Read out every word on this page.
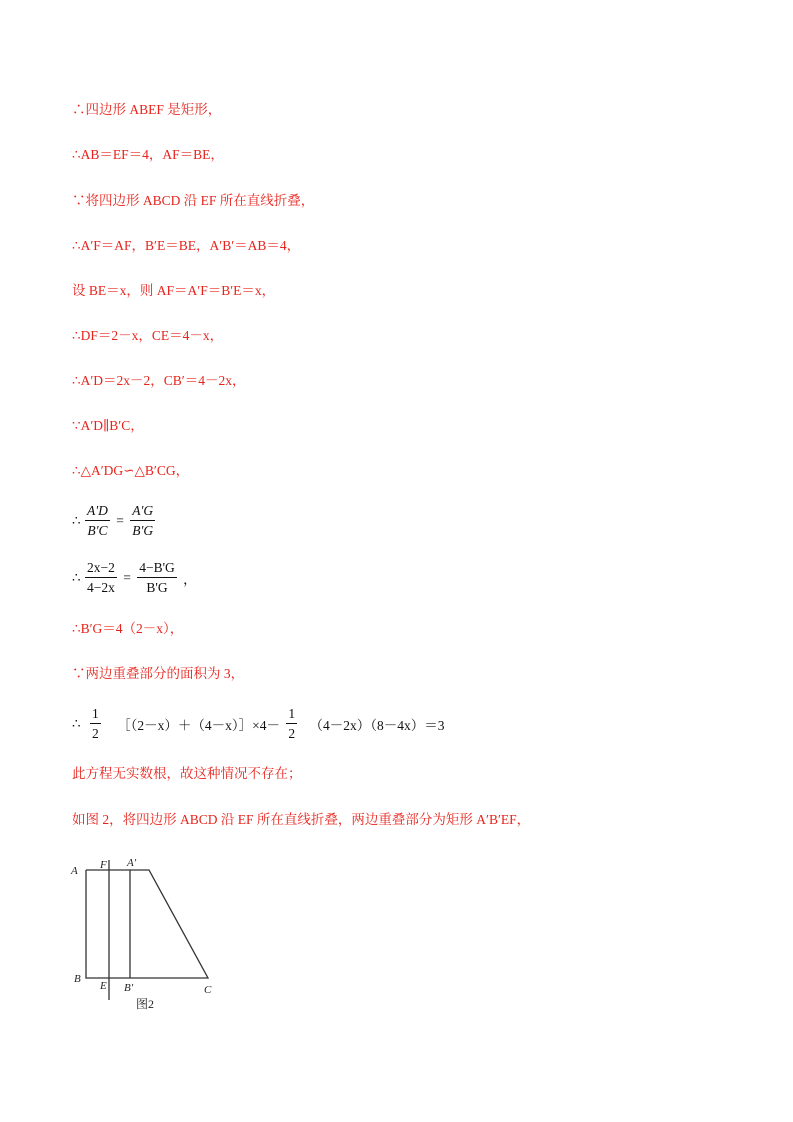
∴四边形 ABEF 是矩形，
∴AB＝EF＝4，AF＝BE，
∵将四边形 ABCD 沿 EF 所在直线折叠，
∴A′F＝AF，B′E＝BE，A′B′＝AB＝4，
设 BE＝x，则 AF＝A′F＝B′E＝x，
∴DF＝2－x，CE＝4－x，
∴A′D＝2x－2，CB′＝4－2x，
∵A′D∥B′C，
∴△A′DG∽△B′CG，
∴ $\frac{A'D}{B'C} = \frac{A'G}{B'G}$
∴ $\frac{2x-2}{4-2x} = \frac{4-B'G}{B'G}$ ，
∴B′G＝4（2－x），
∵两边重叠部分的面积为 3，
∴ $\frac{1}{2}$ ［（2－x）＋（4－x）］×4－ $\frac{1}{2} (4-2x)(8-4x)=3$
此方程无实数根，故这种情况不存在；
如图 2，将四边形 ABCD 沿 EF 所在直线折叠，两边重叠部分为矩形 A′B′EF，
A F A′
B
E B′	C
图2
